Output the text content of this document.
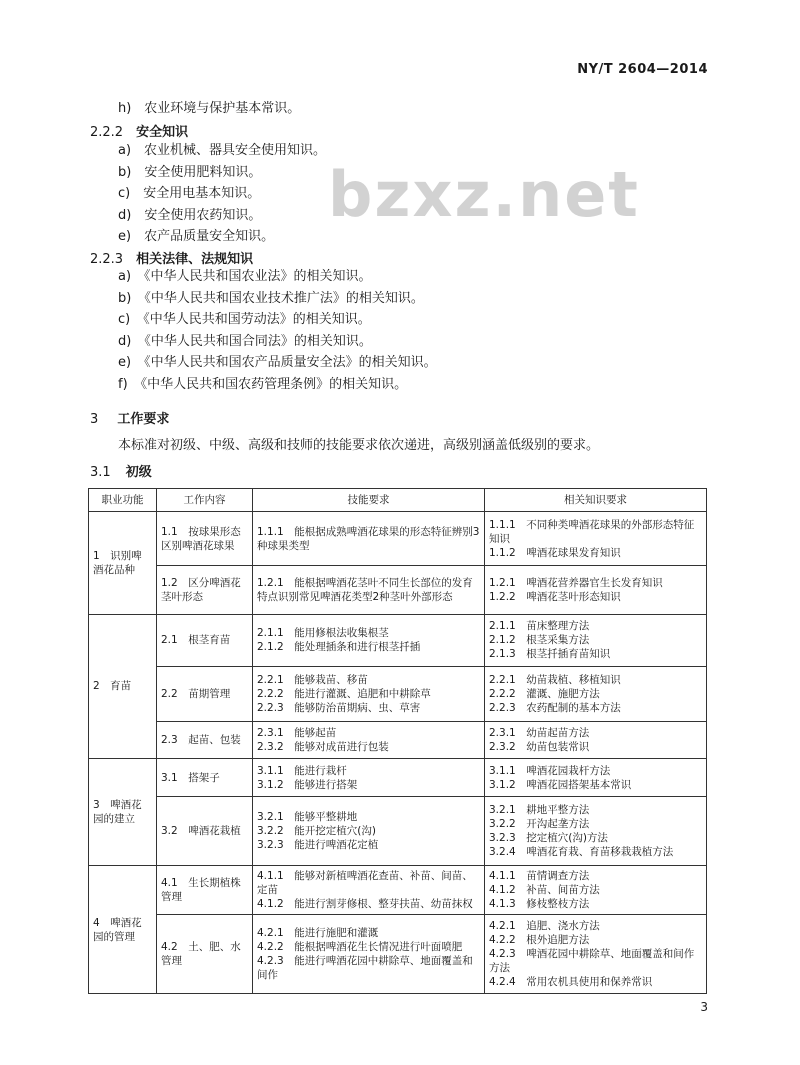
NY/T 2604—2014
bzxz.net
h)　农业环境与保护基本常识。
2.2.2 安全知识
a)　农业机械、器具安全使用知识。
b)　安全使用肥料知识。
c)　安全用电基本知识。
d)　安全使用农药知识。
e)　农产品质量安全知识。
2.2.3 相关法律、法规知识
a)　《中华人民共和国农业法》的相关知识。
b)　《中华人民共和国农业技术推广法》的相关知识。
c)　《中华人民共和国劳动法》的相关知识。
d)　《中华人民共和国合同法》的相关知识。
e)　《中华人民共和国农产品质量安全法》的相关知识。
f)　《中华人民共和国农药管理条例》的相关知识。
3 工作要求
本标准对初级、中级、高级和技师的技能要求依次递进，高级别涵盖低级别的要求。
3.1 初级
职业功能	工作内容	技能要求	相关知识要求
1　识别啤酒花品种	1.1　按球果形态区别啤酒花球果	1.1.1　能根据成熟啤酒花球果的形态特征辨别3种球果类型	1.1.1　不同种类啤酒花球果的外部形态特征知识
1.1.2　啤酒花球果发育知识

	1.2　区分啤酒花茎叶形态	1.2.1　能根据啤酒花茎叶不同生长部位的发育特点识别常见啤酒花类型2种茎叶外部形态	1.2.1　啤酒花营养器官生长发育知识
1.2.2　啤酒花茎叶形态知识

2　育苗	2.1　根茎育苗	2.1.1　能用修根法收集根茎
2.1.2　能处理插条和进行根茎扦插	2.1.1　苗床整理方法
2.1.2　根茎采集方法
2.1.3　根茎扦插育苗知识

	2.2　苗期管理	2.2.1　能够栽苗、移苗
2.2.2　能进行灌溉、追肥和中耕除草
2.2.3　能够防治苗期病、虫、草害	2.2.1　幼苗栽植、移植知识
2.2.2　灌溉、施肥方法
2.2.3　农药配制的基本方法

	2.3　起苗、包装	2.3.1　能够起苗
2.3.2　能够对成苗进行包装	2.3.1　幼苗起苗方法
2.3.2　幼苗包装常识

3　啤酒花园的建立	3.1　搭架子	3.1.1　能进行栽杆
3.1.2　能够进行搭架	3.1.1　啤酒花园栽杆方法
3.1.2　啤酒花园搭架基本常识

	3.2　啤酒花栽植	3.2.1　能够平整耕地
3.2.2　能开挖定植穴(沟)
3.2.3　能进行啤酒花定植	3.2.1　耕地平整方法
3.2.2　开沟起垄方法
3.2.3　挖定植穴(沟)方法
3.2.4　啤酒花育栽、育苗移栽栽植方法

4　啤酒花园的管理	4.1　生长期植株管理	4.1.1　能够对新植啤酒花查苗、补苗、间苗、定苗
4.1.2　能进行割芽修根、整芽扶苗、幼苗抹权	4.1.1　苗情调查方法
4.1.2　补苗、间苗方法
4.1.3　修枝整枝方法

	4.2　土、肥、水管理	4.2.1　能进行施肥和灌溉
4.2.2　能根据啤酒花生长情况进行叶面喷肥
4.2.3　能进行啤酒花园中耕除草、地面覆盖和间作	4.2.1　追肥、浇水方法
4.2.2　根外追肥方法
4.2.3　啤酒花园中耕除草、地面覆盖和间作方法
4.2.4　常用农机具使用和保养常识
3
